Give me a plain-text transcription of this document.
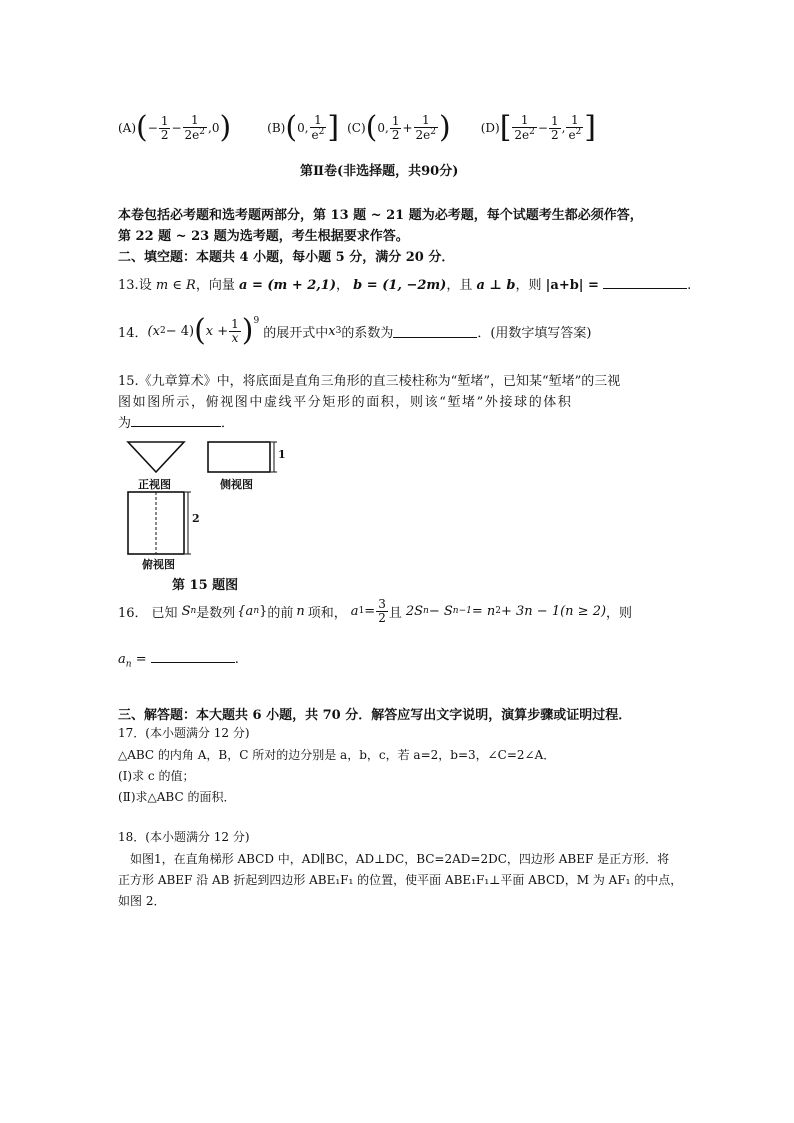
(A) ( − $\frac{1}{2} - \frac{1}{2e^2} ,0$ )	(B) ( 0, $\frac{1}{e^2}$ ] (C) ( 0, $\frac{1}{2} + \frac{1}{2e^2}$ )	(D) [ $\frac{1}{2e^2} - \frac{1}{2}$ , $\frac{1}{e^2}$ ]
第Ⅱ卷(非选择题，共90分)
本卷包括必考题和选考题两部分，第 13 题 ~ 21 题为必考题，每个试题考生都必须作答，
第 22 题 ~ 23 题为选考题，考生根据要求作答。
二、填空题：本题共 4 小题，每小题 5 分，满分 20 分．
13.设 m ∈ R，向量 a = (m + 2,1)， b = (1, −2m)，且 a ⊥ b，则 |a+b| =	.
14． (x 2 − 4) ( $x + \frac{1}{x} )^9$
的展开式中 x 3 的系数为	．(用数字填写答案)
15.《九章算术》中，将底面是直角三角形的直三棱柱称为“堑堵”，已知某“堑堵”的三视
图如图所示，俯视图中虚线平分矩形的面积，则该“堑堵”外接球的体积
为	．
正视图	侧视图
1
2
俯视图
第 15 题图
16． 已知 S n 是数列 {a n } 的前 n 项和， a $1 = \frac{3}{2}$ 且 2S n − S n−1 = n 2 + 3n − 1(n ≥ 2) ，则
$a_n$ =	.
三、解答题：本大题共 6 小题，共 70 分．解答应写出文字说明，演算步骤或证明过程．
17．(本小题满分 12 分)
△ABC 的内角 A，B，C 所对的边分别是 a，b，c，若 a=2，b=3，∠C=2∠A．
(Ⅰ)求 c 的值；
(Ⅱ)求△ABC 的面积．
18．(本小题满分 12 分)
如图1，在直角梯形 ABCD 中，AD∥BC，AD⊥DC，BC=2AD=2DC，四边形 ABEF 是正方形．将
正方形 ABEF 沿 AB 折起到四边形 ABE₁F₁ 的位置，使平面 ABE₁F₁⊥平面 ABCD，M 为 AF₁ 的中点，
如图 2．
